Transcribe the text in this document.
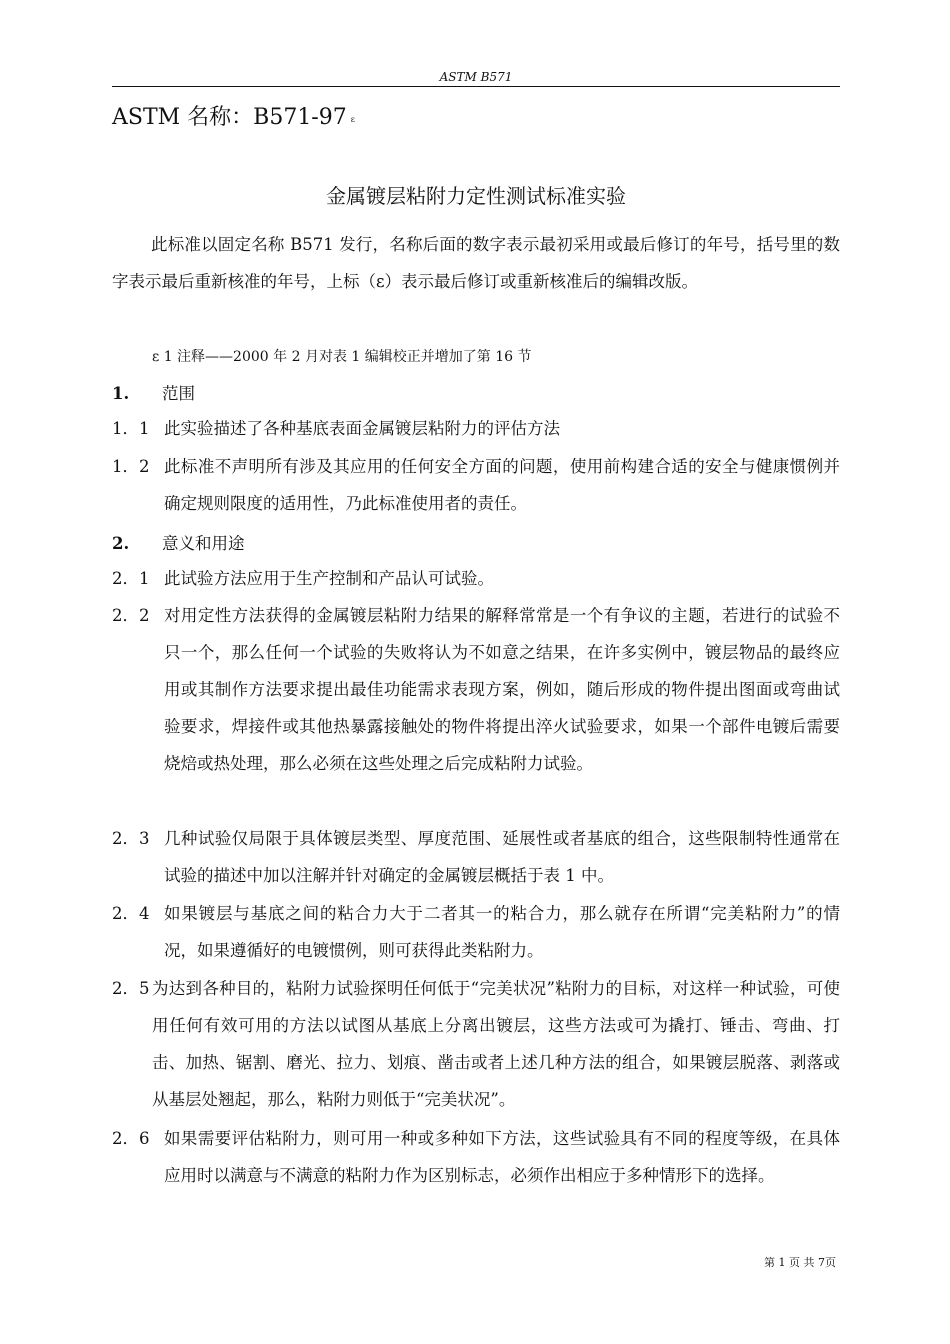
ASTM B571
ASTM 名称：B571-97 $^\varepsilon$
金属镀层粘附力定性测试标准实验
此标准以固定名称 B571 发行，名称后面的数字表示最初采用或最后修订的年号，括号里的数字表示最后重新核准的年号，上标（ε）表示最后修订或重新核准后的编辑改版。
ε 1 注释——2000 年 2 月对表 1 编辑校正并增加了第 16 节
1. 范围
1．1 此实验描述了各种基底表面金属镀层粘附力的评估方法
1．2 此标准不声明所有涉及其应用的任何安全方面的问题，使用前构建合适的安全与健康惯例并确定规则限度的适用性，乃此标准使用者的责任。
2. 意义和用途
2．1 此试验方法应用于生产控制和产品认可试验。
2．2 对用定性方法获得的金属镀层粘附力结果的解释常常是一个有争议的主题，若进行的试验不只一个，那么任何一个试验的失败将认为不如意之结果，在许多实例中，镀层物品的最终应用或其制作方法要求提出最佳功能需求表现方案，例如，随后形成的物件提出图面或弯曲试验要求，焊接件或其他热暴露接触处的物件将提出淬火试验要求，如果一个部件电镀后需要烧焙或热处理，那么必须在这些处理之后完成粘附力试验。
2．3 几种试验仅局限于具体镀层类型、厚度范围、延展性或者基底的组合，这些限制特性通常在试验的描述中加以注解并针对确定的金属镀层概括于表 1 中。
2．4 如果镀层与基底之间的粘合力大于二者其一的粘合力，那么就存在所谓“完美粘附力”的情况，如果遵循好的电镀惯例，则可获得此类粘附力。
2．5 为达到各种目的，粘附力试验探明任何低于“完美状况”粘附力的目标，对这样一种试验，可使用任何有效可用的方法以试图从基底上分离出镀层，这些方法或可为撬打、锤击、弯曲、打击、加热、锯割、磨光、拉力、划痕、凿击或者上述几种方法的组合，如果镀层脱落、剥落或从基层处翘起，那么，粘附力则低于“完美状况”。
2．6 如果需要评估粘附力，则可用一种或多种如下方法，这些试验具有不同的程度等级，在具体应用时以满意与不满意的粘附力作为区别标志，必须作出相应于多种情形下的选择。
第 1 页 共 7页
